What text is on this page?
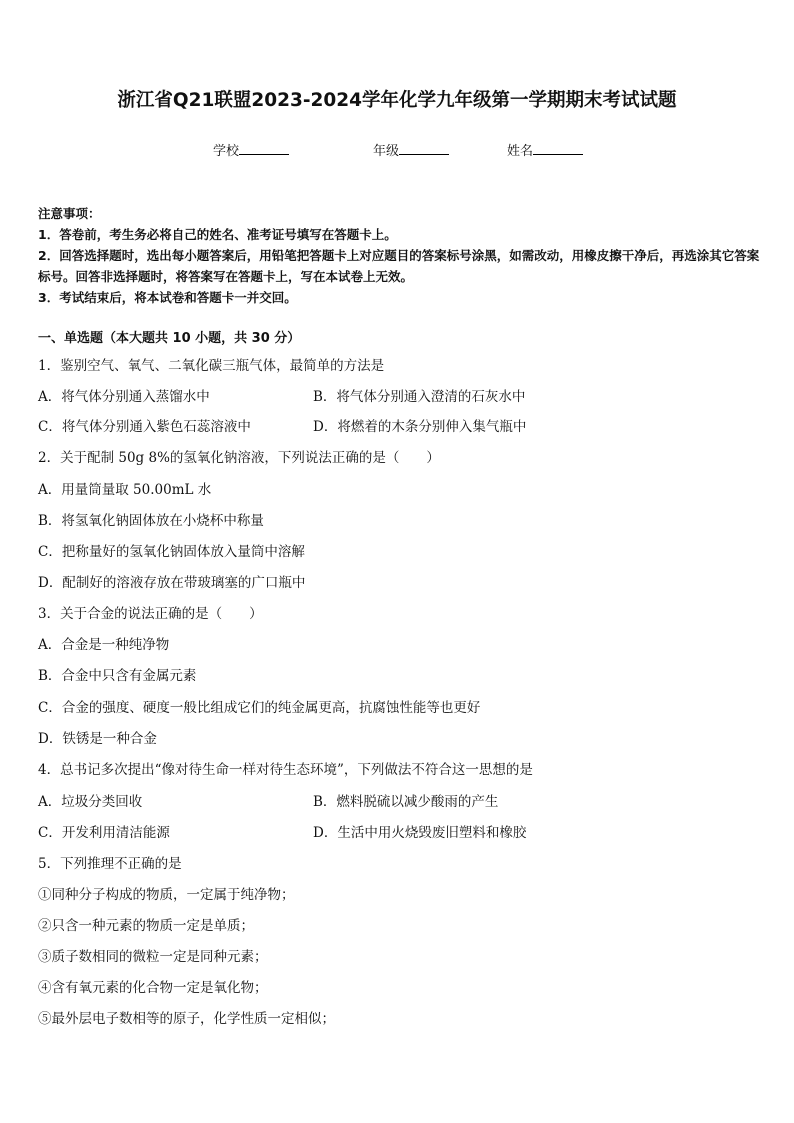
浙江省Q21联盟2023-2024学年化学九年级第一学期期末考试试题
学校	年级	姓名
注意事项：
1．答卷前，考生务必将自己的姓名、准考证号填写在答题卡上。
2．回答选择题时，选出每小题答案后，用铅笔把答题卡上对应题目的答案标号涂黑，如需改动，用橡皮擦干净后，再选涂其它答案标号。回答非选择题时，将答案写在答题卡上，写在本试卷上无效。
3．考试结束后，将本试卷和答题卡一并交回。
一、单选题（本大题共 10 小题，共 30 分）
1．鉴别空气、氧气、二氧化碳三瓶气体，最简单的方法是
A．将气体分别通入蒸馏水中	B．将气体分别通入澄清的石灰水中
C．将气体分别通入紫色石蕊溶液中	D．将燃着的木条分别伸入集气瓶中
2．关于配制 50g 8%的氢氧化钠溶液，下列说法正确的是（　　）
A．用量筒量取 50.00mL 水
B．将氢氧化钠固体放在小烧杯中称量
C．把称量好的氢氧化钠固体放入量筒中溶解
D．配制好的溶液存放在带玻璃塞的广口瓶中
3．关于合金的说法正确的是（　　）
A．合金是一种纯净物
B．合金中只含有金属元素
C．合金的强度、硬度一般比组成它们的纯金属更高，抗腐蚀性能等也更好
D．铁锈是一种合金
4．总书记多次提出“像对待生命一样对待生态环境”，下列做法不符合这一思想的是
A．垃圾分类回收	B．燃料脱硫以减少酸雨的产生
C．开发利用清洁能源	D．生活中用火烧毁废旧塑料和橡胶
5．下列推理不正确的是
①同种分子构成的物质，一定属于纯净物；
②只含一种元素的物质一定是单质；
③质子数相同的微粒一定是同种元素；
④含有氧元素的化合物一定是氧化物；
⑤最外层电子数相等的原子，化学性质一定相似；
